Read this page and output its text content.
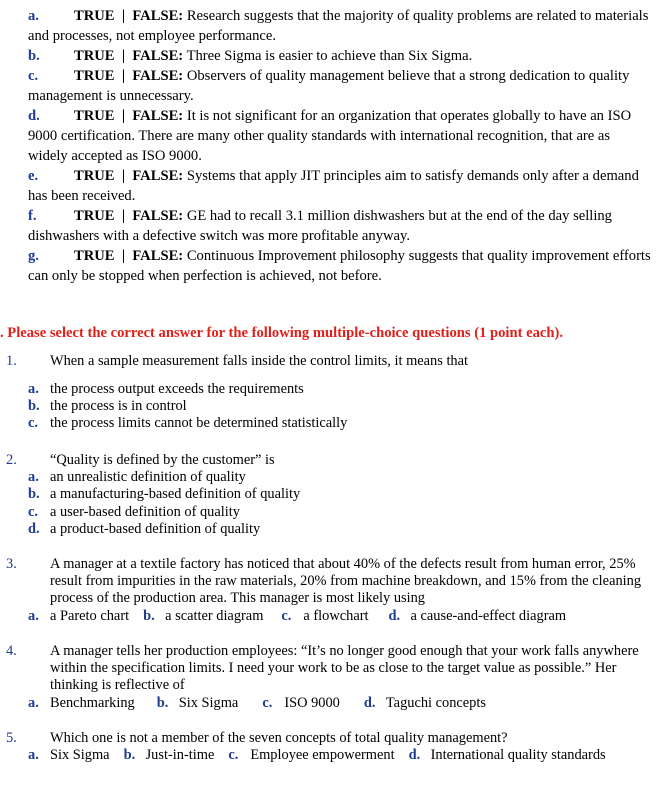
a. TRUE  |  FALSE: Research suggests that the majority of quality problems are related to materials and processes, not employee performance.
b. TRUE  |  FALSE: Three Sigma is easier to achieve than Six Sigma.
c. TRUE  |  FALSE: Observers of quality management believe that a strong dedication to quality management is unnecessary.
d. TRUE  |  FALSE: It is not significant for an organization that operates globally to have an ISO 9000 certification. There are many other quality standards with international recognition, that are as widely accepted as ISO 9000.
e. TRUE  |  FALSE: Systems that apply JIT principles aim to satisfy demands only after a demand has been received.
f.	TRUE  |  FALSE: GE had to recall 3.1 million dishwashers but at the end of the day selling dishwashers with a defective switch was more profitable anyway.
g. TRUE  |  FALSE: Continuous Improvement philosophy suggests that quality improvement efforts can only be stopped when perfection is achieved, not before.
. Please select the correct answer for the following multiple-choice questions (1 point each).
1. When a sample measurement falls inside the control limits, it means that
a. the process output exceeds the requirements
b. the process is in control
c. the process limits cannot be determined statistically
2. “Quality is defined by the customer” is
a. an unrealistic definition of quality
b. a manufacturing-based definition of quality
c. a user-based definition of quality
d. a product-based definition of quality
3. A manager at a textile factory has noticed that about 40% of the defects result from human error, 25% result from impurities in the raw materials, 20% from machine breakdown, and 15% from the cleaning process of the production area. This manager is most likely using
a. a Pareto chart b. a scatter diagram c. a flowchart d. a cause-and-effect diagram
4. A manager tells her production employees: “It’s no longer good enough that your work falls anywhere within the specification limits. I need your work to be as close to the target value as possible.” Her thinking is reflective of
a. Benchmarking b. Six Sigma c. ISO 9000 d. Taguchi concepts
5. Which one is not a member of the seven concepts of total quality management?
a. Six Sigma b. Just-in-time c. Employee empowerment d. International quality standards
